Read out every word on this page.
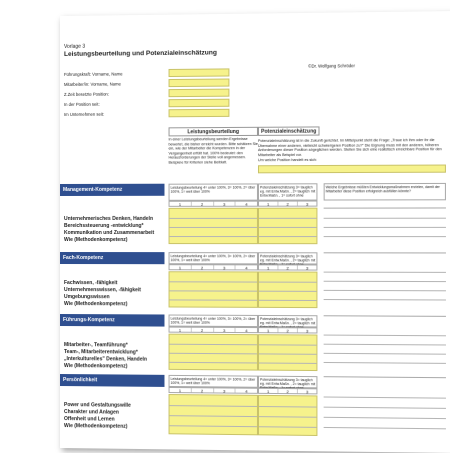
Vorlage 3
Leistungsbeurteilung und Potenzialeinschätzung
©Dr. Wolfgang Schröder
Führungskraft: Vorname, Name
Mitarbeiter/in: Vorname, Name
Z.Zeit besetzte Position:
In der Position seit:
Im Unternehmen seit:
Leistungsbeurteilung
In einer Leistungsbeurteilung werden Ergebnisse bewertet, die bisher erreicht wurden. Bitte schätzen Sie ein, wie der Mitarbeiter die Kompetenzen in der Vergangenheit erfüllt hat. 100% bedeutet: den Herausforderungen der Stelle voll angemessen. Beispiele für Kriterien siehe Beiblatt.
Potenzialeinschätzung
Potenzialeinschätzung ist in die Zukunft gerichtet. Im Mittelpunkt steht die Frage: „Traue ich ihm oder ihr die Übernahme einer anderen, vielleicht schwierigeren Position zu?" Die Eignung muss mit den anderen, höheren Anforderungen dieser Position abgeglichen werden. Stellen Sie sich eine realistisch erreichbare Position für den Mitarbeiter als Beispiel vor.
Um welche Position handelt es sich:
Management-Kompetenz	Leistungsbeurteilung 4= unter 100%, 3= 100%, 2= über 100%, 1= weit über 100%
1	2	3	4
Potenzialeinschätzung 3= tauglich eg. mit Entw.Maßn. , 2= tauglich mit Entw.Maßn. , 1= sofort ohne
1	2	3
Welche Ergebnisse müßten Entwicklungsmaßnahmen erzielen, damit der Mitarbeiter diese Position erfolgreich ausfüllen könnte?
Unternehmerisches Denken, Handeln
Bereichssteuerung -entwicklung*
Kommunikation und Zusammenarbeit
Wie (Methodenkompetenz)
Fach-Kompetenz	Leistungsbeurteilung 4= unter 100%, 3= 100%, 2= über 100%, 1= weit über 100%
1	2	3	4
Potenzialeinschätzung 3= tauglich eg. mit Entw.Maßn. , 2= tauglich mit
1	2	3
Fachwissen, -fähigkeit
Unternehmenswissen, -fähigkeit
Umgebungswissen
Wie (Methodenkompetenz)
Führungs-Kompetenz	Leistungsbeurteilung 4= unter 100%, 3= 100%, 2= über 100%, 1= weit über 100%
1	2	3	4
Potenzialeinschätzung 3= tauglich eg. mit Entw.Maßn. , 2= tauglich mit
1	2	3
Mitarbeiter-, Teamführung*
Team-, Mitarbeiterentwicklung*
„Interkulturelles" Denken, Handeln
Wie (Methodenkompetenz)
Persönlichkeit	Leistungsbeurteilung 4= unter 100%, 3= 100%, 2= über 100%, 1= weit über 100%
1	2	3	4
Potenzialeinschätzung 3= tauglich eg. mit Entw.Maßn. , 2= tauglich mit
1	2	3
Power und Gestaltungswille
Charakter und Anlagen
Offenheit und Lernen
Wie (Methodenkompetenz)
